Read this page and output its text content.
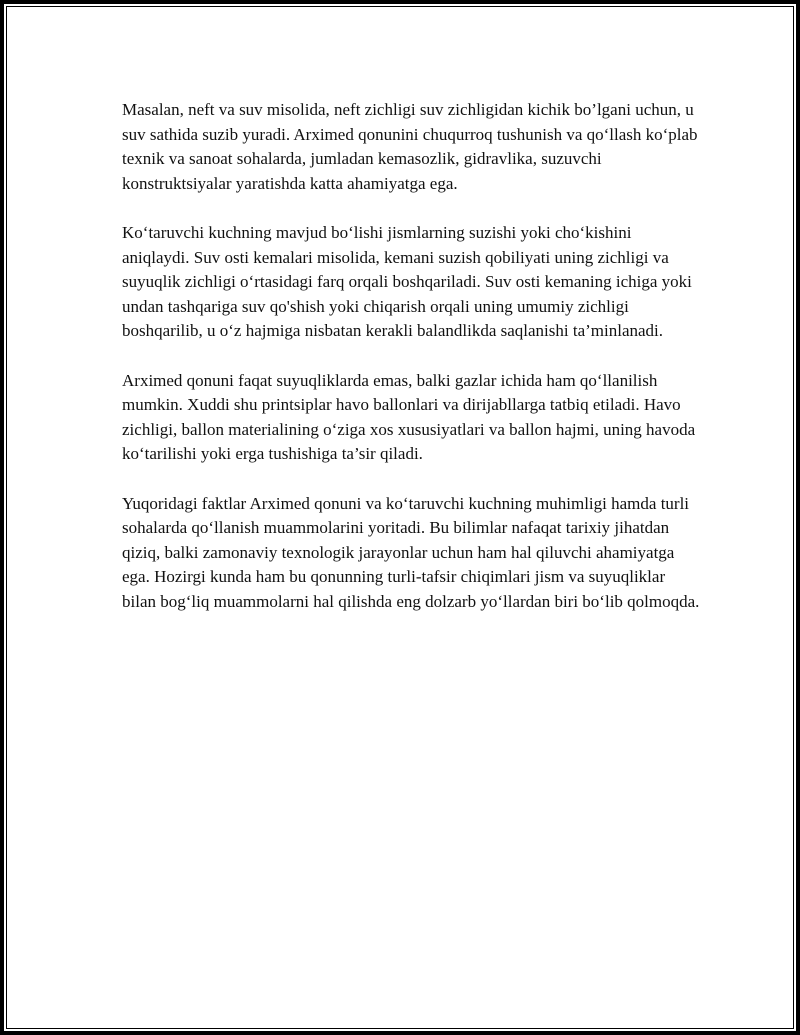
Masalan, neft va suv misolida, neft zichligi suv zichligidan kichik bo’lgani uchun, u suv sathida suzib yuradi. Arximed qonunini chuqurroq tushunish va qo‘llash ko‘plab texnik va sanoat sohalarda, jumladan kemasozlik, gidravlika, suzuvchi konstruktsiyalar yaratishda katta ahamiyatga ega.

Ko‘taruvchi kuchning mavjud bo‘lishi jismlarning suzishi yoki cho‘kishini aniqlaydi. Suv osti kemalari misolida, kemani suzish qobiliyati uning zichligi va suyuqlik zichligi oʻrtasidagi farq orqali boshqariladi. Suv osti kemaning ichiga yoki undan tashqariga suv qo'shish yoki chiqarish orqali uning umumiy zichligi boshqarilib, u oʻz hajmiga nisbatan kerakli balandlikda saqlanishi ta’minlanadi.

Arximed qonuni faqat suyuqliklarda emas, balki gazlar ichida ham qo‘llanilish mumkin. Xuddi shu printsiplar havo ballonlari va dirijabllarga tatbiq etiladi. Havo zichligi, ballon materialining oʻziga xos xususiyatlari va ballon hajmi, uning havoda ko‘tarilishi yoki erga tushishiga ta’sir qiladi.

Yuqoridagi faktlar Arximed qonuni va ko‘taruvchi kuchning muhimligi hamda turli sohalarda qo‘llanish muammolarini yoritadi. Bu bilimlar nafaqat tarixiy jihatdan qiziq, balki zamonaviy texnologik jarayonlar uchun ham hal qiluvchi ahamiyatga ega. Hozirgi kunda ham bu qonunning turli-tafsir chiqimlari jism va suyuqliklar bilan bog‘liq muammolarni hal qilishda eng dolzarb yo‘llardan biri bo‘lib qolmoqda.
